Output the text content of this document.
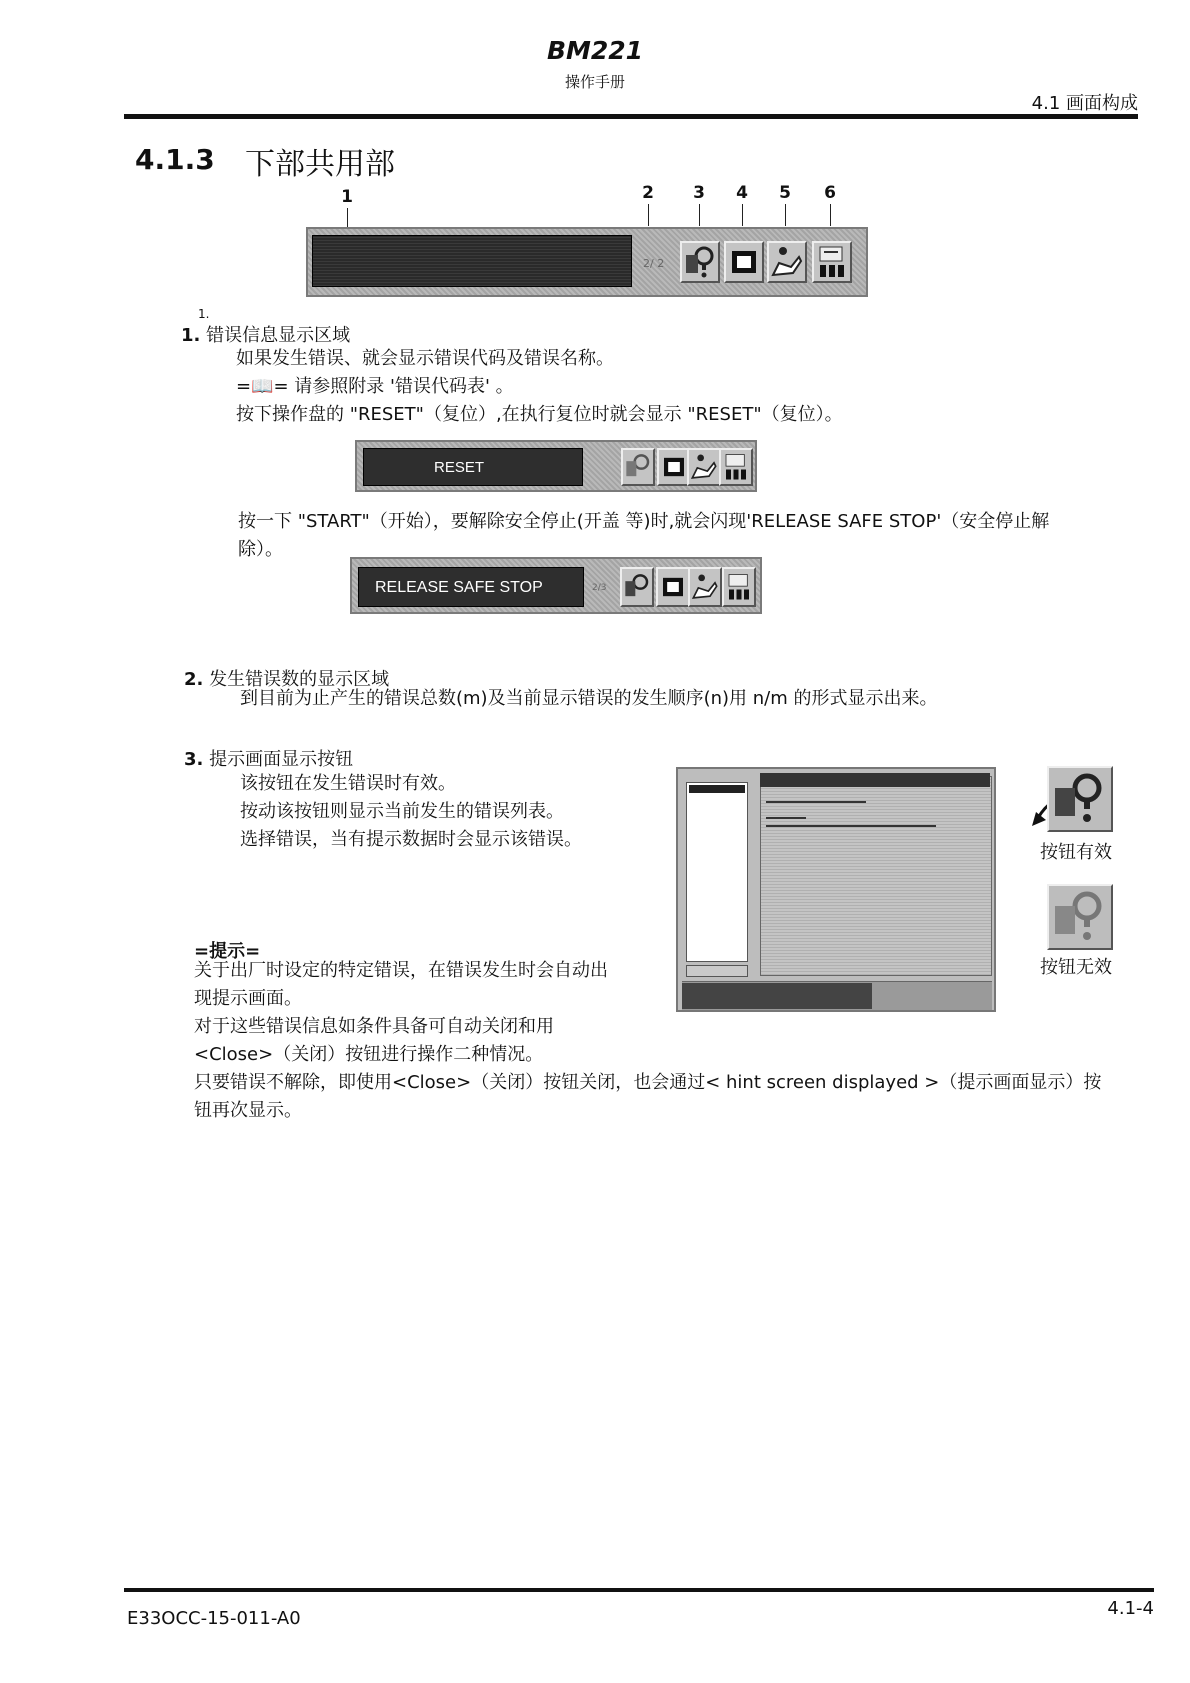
BM221
操作手册
4.1 画面构成
4.1.3 下部共用部
1	2 3 4 5 6
2/ 2
1.
1. 错误信息显示区域
如果发生错误、就会显示错误代码及错误名称。
=📖= 请参照附录 '错误代码表' 。
按下操作盘的 "RESET"（复位）,在执行复位时就会显示 "RESET"（复位）。
RESET
按一下 "START"（开始），要解除安全停止(开盖 等)时,就会闪现'RELEASE SAFE STOP'（安全停止解
除）。
RELEASE SAFE STOP	2/3
2. 发生错误数的显示区域
到目前为止产生的错误总数(m)及当前显示错误的发生顺序(n)用 n/m 的形式显示出来。
3. 提示画面显示按钮
该按钮在发生错误时有效。
按动该按钮则显示当前发生的错误列表。
选择错误，当有提示数据时会显示该错误。
按钮有效
按钮无效
=提示=
关于出厂时设定的特定错误，在错误发生时会自动出
现提示画面。
对于这些错误信息如条件具备可自动关闭和用
<Close>（关闭）按钮进行操作二种情况。
只要错误不解除，即使用<Close>（关闭）按钮关闭，也会通过< hint screen displayed >（提示画面显示）按
钮再次显示。
E33OCC-15-011-A0	4.1-4
